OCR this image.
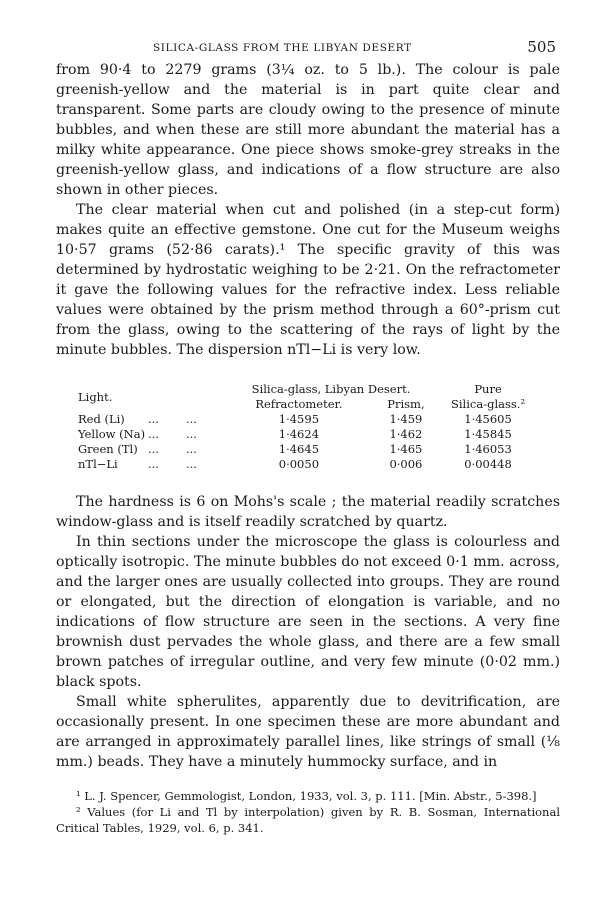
SILICA-GLASS FROM THE LIBYAN DESERT	505

from 90·4 to 2279 grams (3¼ oz. to 5 lb.). The colour is pale greenish-yellow and the material is in part quite clear and transparent. Some parts are cloudy owing to the presence of minute bubbles, and when these are still more abundant the material has a milky white appearance. One piece shows smoke-grey streaks in the greenish-yellow glass, and indications of a flow structure are also shown in other pieces.

The clear material when cut and polished (in a step-cut form) makes quite an effective gemstone. One cut for the Museum weighs 10·57 grams (52·86 carats).¹ The specific gravity of this was determined by hydrostatic weighing to be 2·21. On the refractometer it gave the following values for the refractive index. Less reliable values were obtained by the prism method through a 60°-prism cut from the glass, owing to the scattering of the rays of light by the minute bubbles. The dispersion nTl−Li is very low.

Light.			Silica-glass, Libyan Desert.		Pure
			Refractometer.	Prism,	Silica-glass.²
Red (Li)	...	...	1·4595	1·459	1·45605
Yellow (Na)	...	...	1·4624	1·462	1·45845
Green (Tl)	...	...	1·4645	1·465	1·46053
nTl−Li	...	...	0·0050	0·006	0·00448

The hardness is 6 on Mohs's scale ; the material readily scratches window-glass and is itself readily scratched by quartz.

In thin sections under the microscope the glass is colourless and optically isotropic. The minute bubbles do not exceed 0·1 mm. across, and the larger ones are usually collected into groups. They are round or elongated, but the direction of elongation is variable, and no indications of flow structure are seen in the sections. A very fine brownish dust pervades the whole glass, and there are a few small brown patches of irregular outline, and very few minute (0·02 mm.) black spots.

Small white spherulites, apparently due to devitrification, are occasionally present. In one specimen these are more abundant and are arranged in approximately parallel lines, like strings of small (⅛ mm.) beads. They have a minutely hummocky surface, and in

¹ L. J. Spencer, Gemmologist, London, 1933, vol. 3, p. 111. [Min. Abstr., 5-398.]

² Values (for Li and Tl by interpolation) given by R. B. Sosman, International Critical Tables, 1929, vol. 6, p. 341.
